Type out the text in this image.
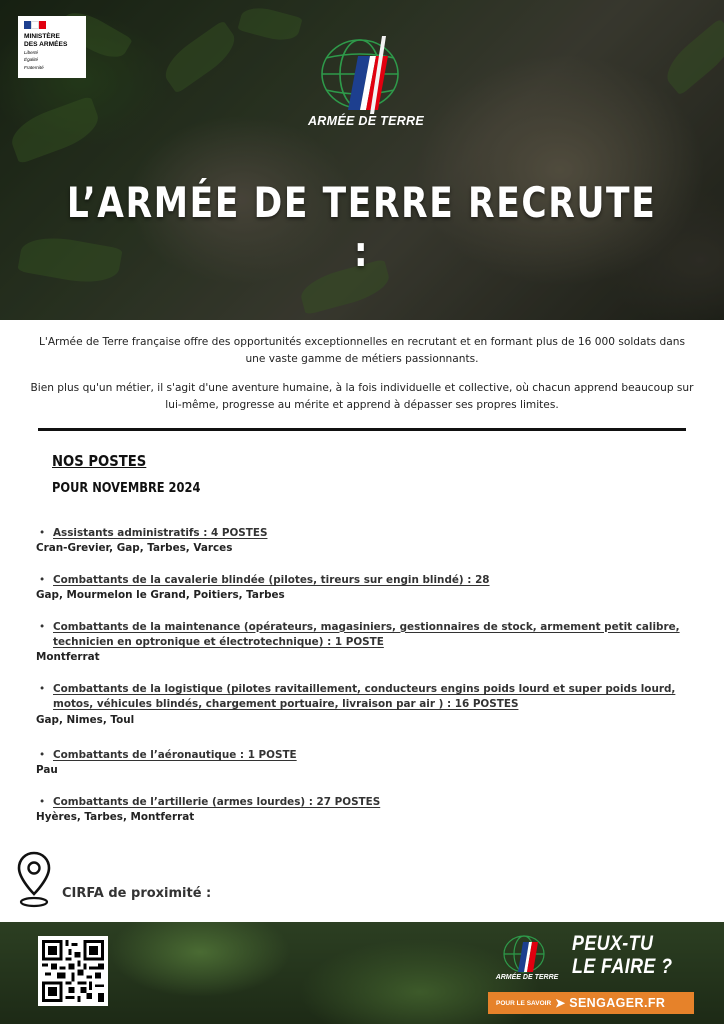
MINISTÈRE
DES ARMÉES
Liberté
Égalité
Fraternité
ARMÉE DE TERRE
L’ARMÉE DE TERRE RECRUTE :

L'Armée de Terre française offre des opportunités exceptionnelles en recrutant et en formant plus de 16 000 soldats dans une vaste gamme de métiers passionnants.

Bien plus qu'un métier, il s'agit d'une aventure humaine, à la fois individuelle et collective, où chacun apprend beaucoup sur lui-même, progresse au mérite et apprend à dépasser ses propres limites.

NOS POSTES
POUR NOVEMBRE 2024
• Assistants administratifs : 4 POSTES
Cran-Grevier, Gap, Tarbes, Varces
• Combattants de la cavalerie blindée (pilotes, tireurs sur engin blindé) : 28
Gap, Mourmelon le Grand, Poitiers, Tarbes
• Combattants de la maintenance (opérateurs, magasiniers, gestionnaires de stock, armement petit calibre, technicien en optronique et électrotechnique) : 1 POSTE
Montferrat
• Combattants de la logistique (pilotes ravitaillement, conducteurs engins poids lourd et super poids lourd, motos, véhicules blindés, chargement portuaire, livraison par air ) : 16 POSTES
Gap, Nimes, Toul
• Combattants de l’aéronautique : 1 POSTE
Pau
• Combattants de l’artillerie (armes lourdes) : 27 POSTES
Hyères, Tarbes, Montferrat
CIRFA de proximité :
ARMÉE DE TERRE
PEUX-TU
LE FAIRE ?
POUR LE SAVOIR ➤ SENGAGER.FR
